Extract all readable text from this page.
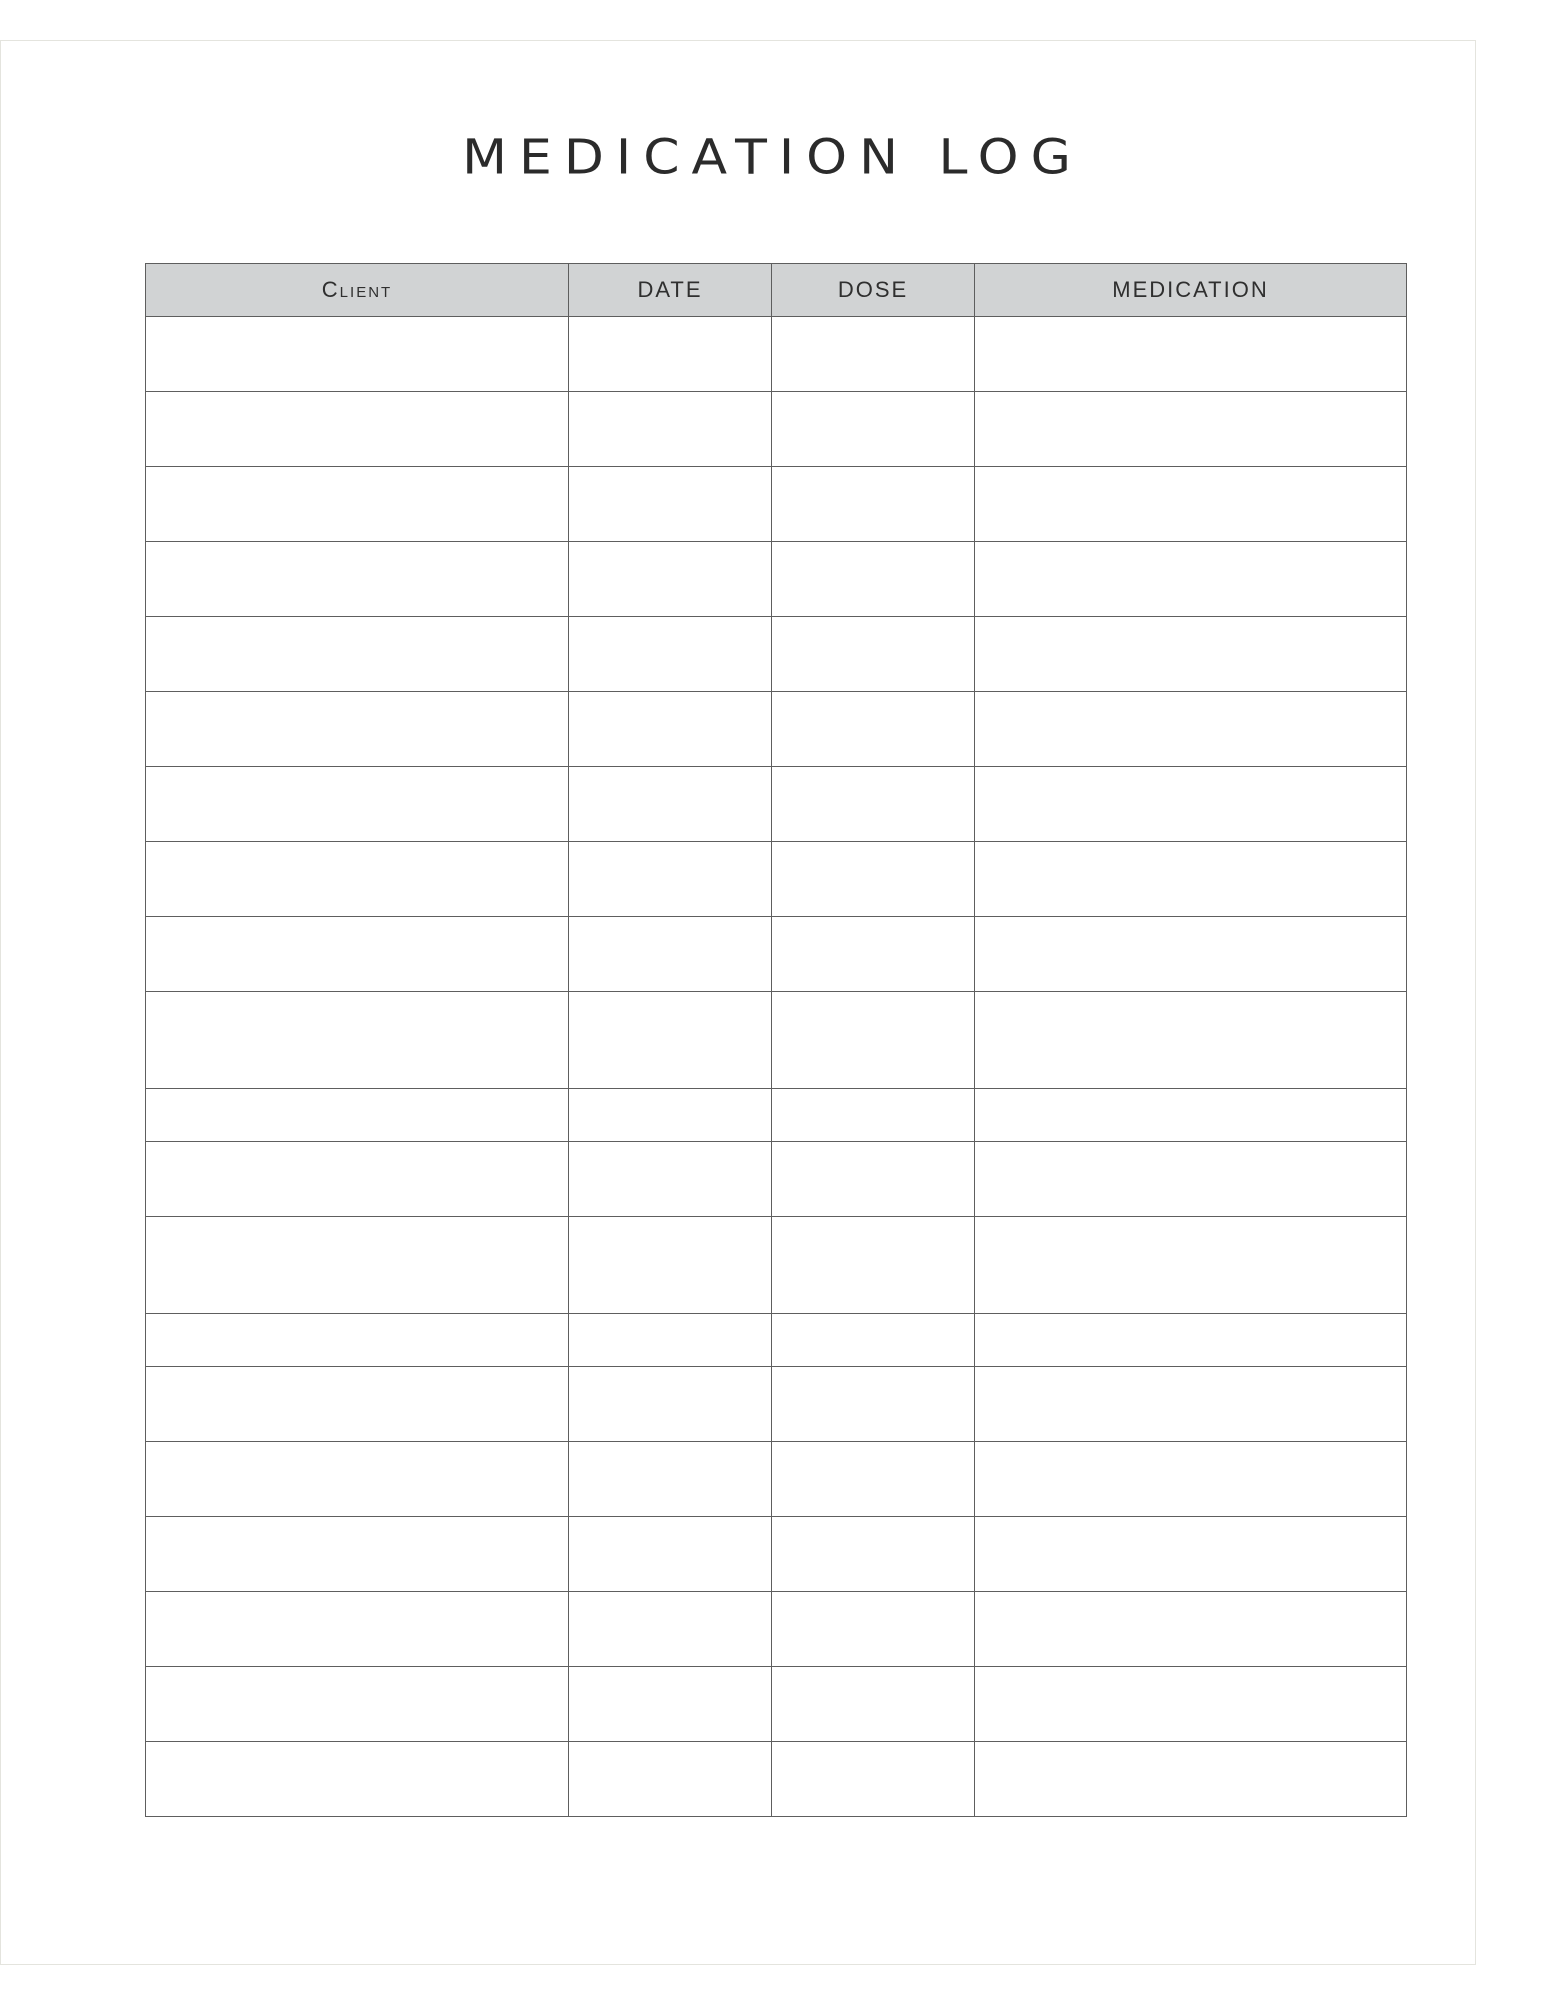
MEDICATION LOG
Client	DATE	DOSE	MEDICATION
